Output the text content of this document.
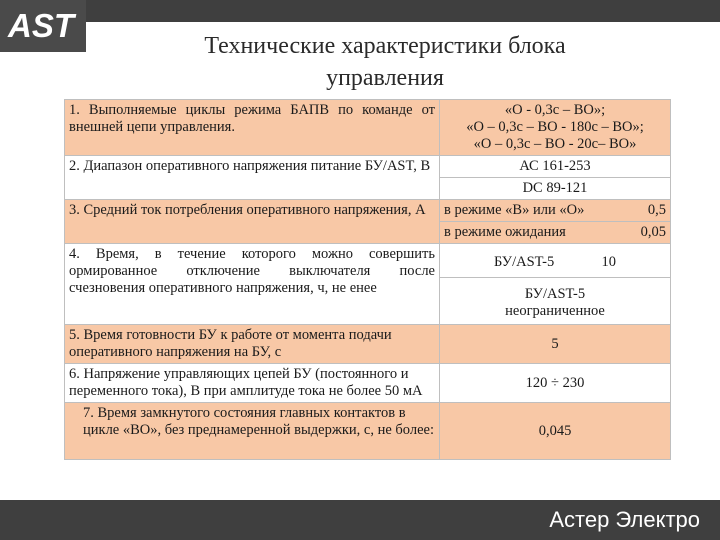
AST
Технические характеристики блока управления
1. Выполняемые циклы режима БАПВ по команде от внешней цепи управления.	«О - 0,3с – ВО»;
«О – 0,3с – ВО - 180с – ВО»;
«О – 0,3с – ВО - 20с– ВО»

2. Диапазон оперативного напряжения питание БУ/AST, В	АС 161-253
DC 89-121

3. Средний ток потребления оперативного напряжения, А	в режиме «В» или «О» 0,5
в режиме ожидания 0,05

4. Время, в течение которого можно совершить ормированное отключение выключателя после счезновения оперативного напряжения, ч, не енее	БУ/AST-5 10
БУ/AST-5
неограниченное

5. Время готовности БУ к работе от момента подачи оперативного напряжения на БУ, с	5
6. Напряжение управляющих цепей БУ (постоянного и переменного тока), В при амплитуде тока не более 50 мА	120 ÷ 230
7. Время замкнутого состояния главных контактов в цикле «ВО», без преднамеренной выдержки, с, не более:	0,045
Астер Электро
